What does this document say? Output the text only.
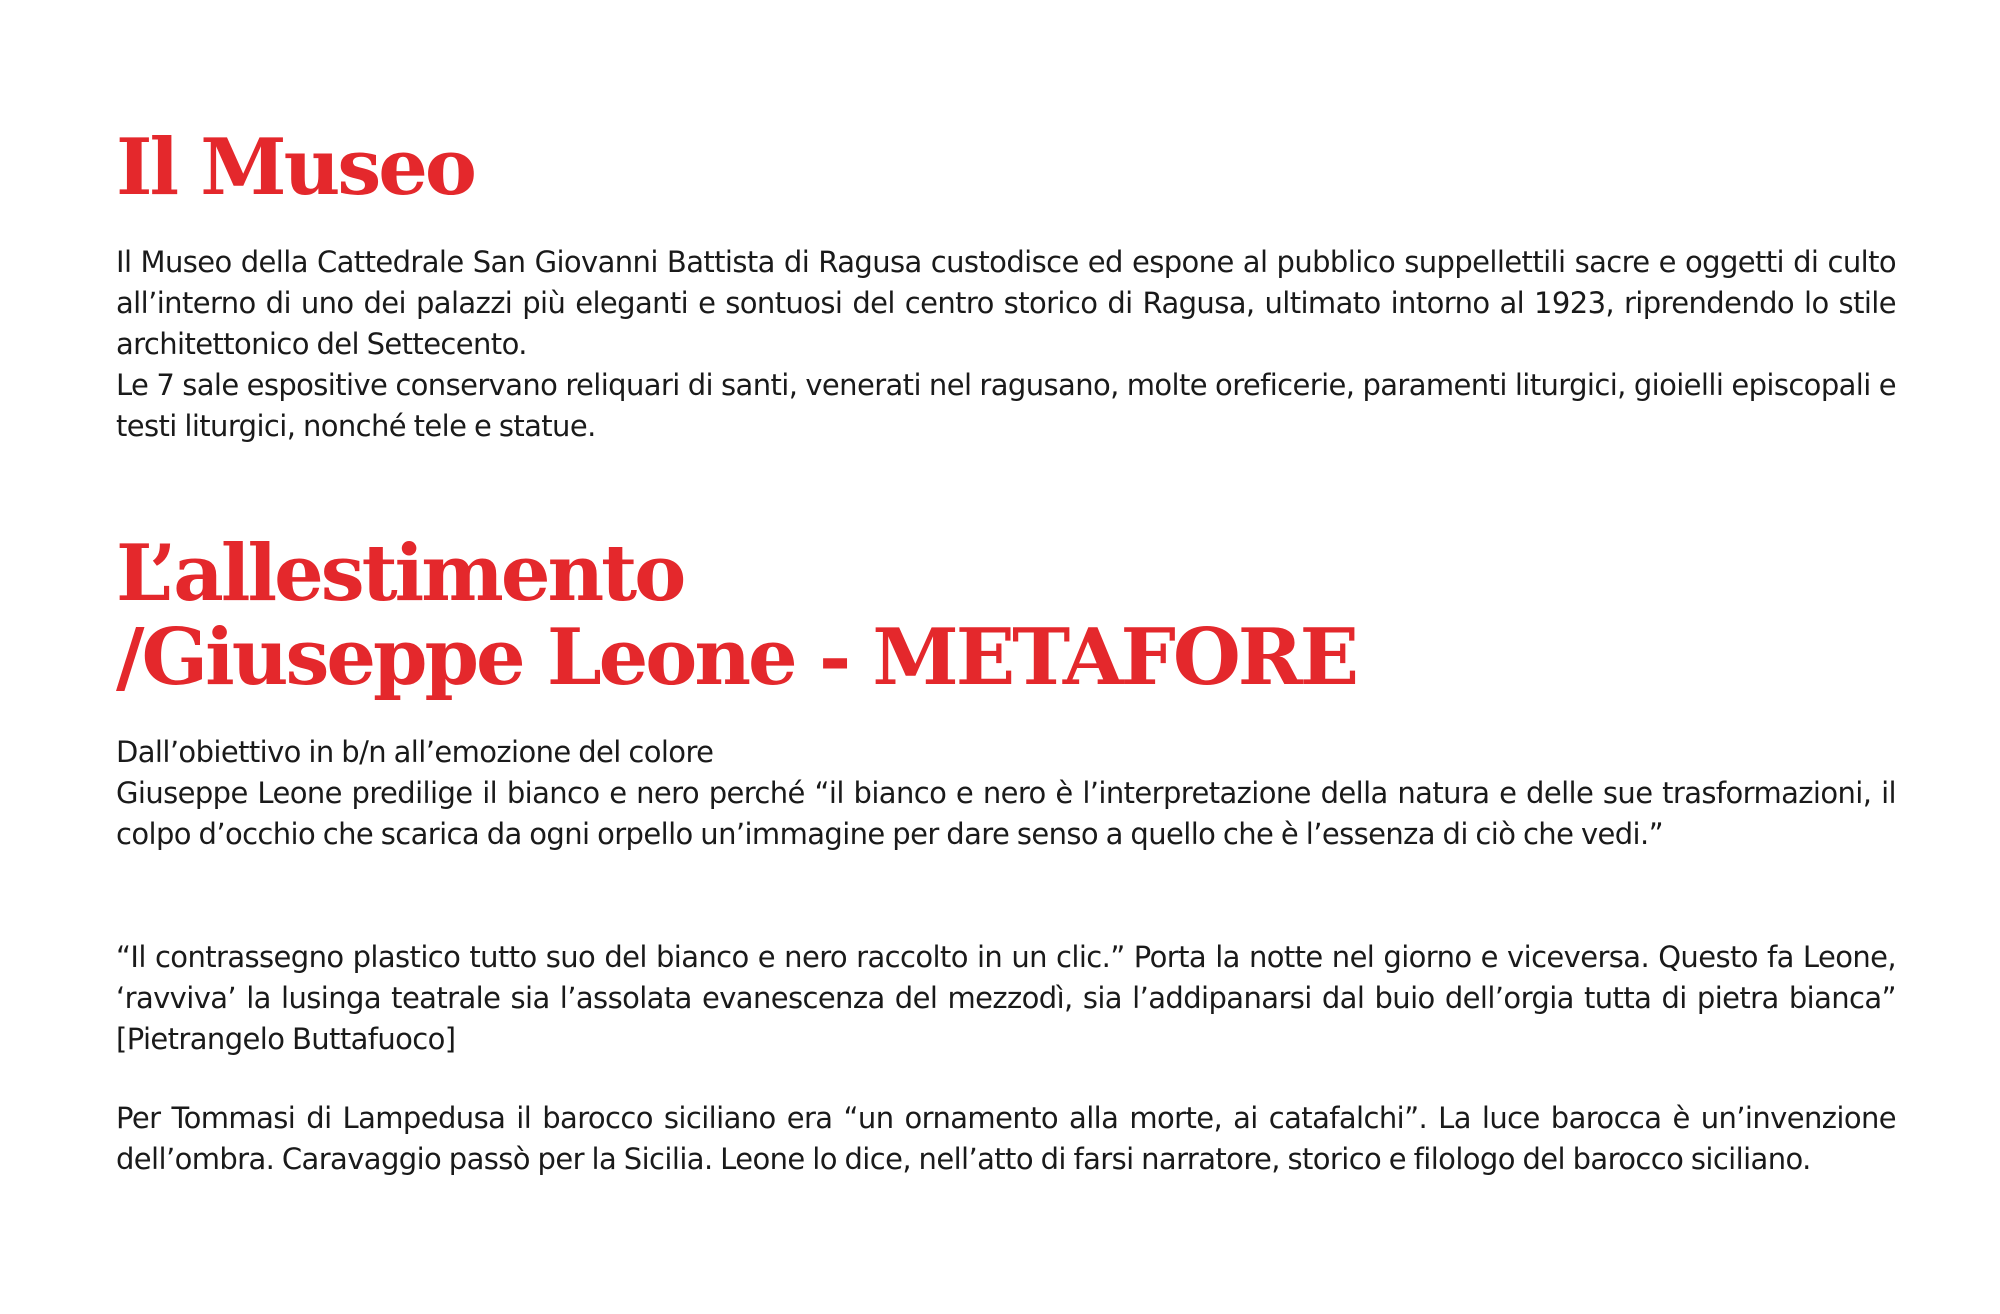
Il Museo

Il Museo della Cattedrale San Giovanni Battista di Ragusa custodisce ed espone al pubblico suppellettili sacre e oggetti di culto all’interno di uno dei palazzi più eleganti e sontuosi del centro storico di Ragusa, ultimato intorno al 1923, riprendendo lo stile architettonico del Settecento.

Le 7 sale espositive conservano reliquari di santi, venerati nel ragusano, molte oreficerie, paramenti liturgici, gioielli episcopali e testi liturgici, nonché tele e statue.

L’allestimento
/Giuseppe Leone - METAFORE

Dall’obiettivo in b/n all’emozione del colore

Giuseppe Leone predilige il bianco e nero perché “il bianco e nero è l’interpretazione della natura e delle sue trasformazioni, il colpo d’occhio che scarica da ogni orpello un’immagine per dare senso a quello che è l’essenza di ciò che vedi.”

“Il contrassegno plastico tutto suo del bianco e nero raccolto in un clic.” Porta la notte nel giorno e viceversa. Questo fa Leone, ‘ravviva’ la lusinga teatrale sia l’assolata evanescenza del mezzodì, sia l’addipanarsi dal buio dell’orgia tutta di pietra bianca” [Pietrangelo Buttafuoco]

Per Tommasi di Lampedusa il barocco siciliano era “un ornamento alla morte, ai catafalchi”. La luce barocca è un’invenzione dell’ombra. Caravaggio passò per la Sicilia. Leone lo dice, nell’atto di farsi narratore, storico e filologo del barocco siciliano.
